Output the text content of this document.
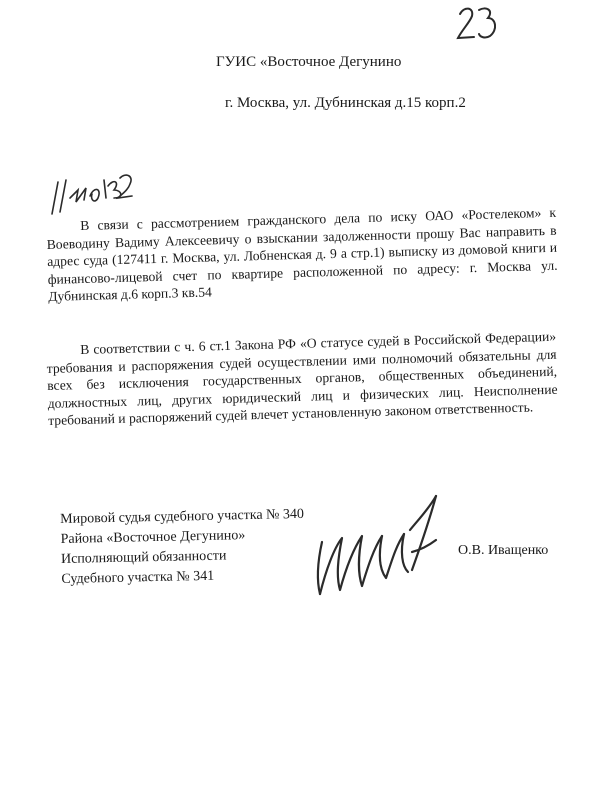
ГУИС «Восточное Дегунино
г. Москва, ул. Дубнинская д.15 корп.2

В связи с рассмотрением гражданского дела по иску ОАО «Ростелеком» к Воеводину Вадиму Алексеевичу о взыскании задолженности прошу Вас направить в адрес суда (127411 г. Москва, ул. Лобненская д. 9 а стр.1) выписку из домовой книги и финансово-лицевой счет по квартире расположенной по адресу: г. Москва ул. Дубнинская д.6 корп.3 кв.54

В соответствии с ч. 6 ст.1 Закона РФ «О статусе судей в Российской Федерации» требования и распоряжения судей осуществлении ими полномочий обязательны для всех без исключения государственных органов, общественных объединений, должностных лиц, других юридический лиц и физических лиц. Неисполнение требований и распоряжений судей влечет установленную законом ответственность.

Мировой судья судебного участка № 340
Района «Восточное Дегунино»
Исполняющий обязанности
Судебного участка № 341
О.В. Иващенко
